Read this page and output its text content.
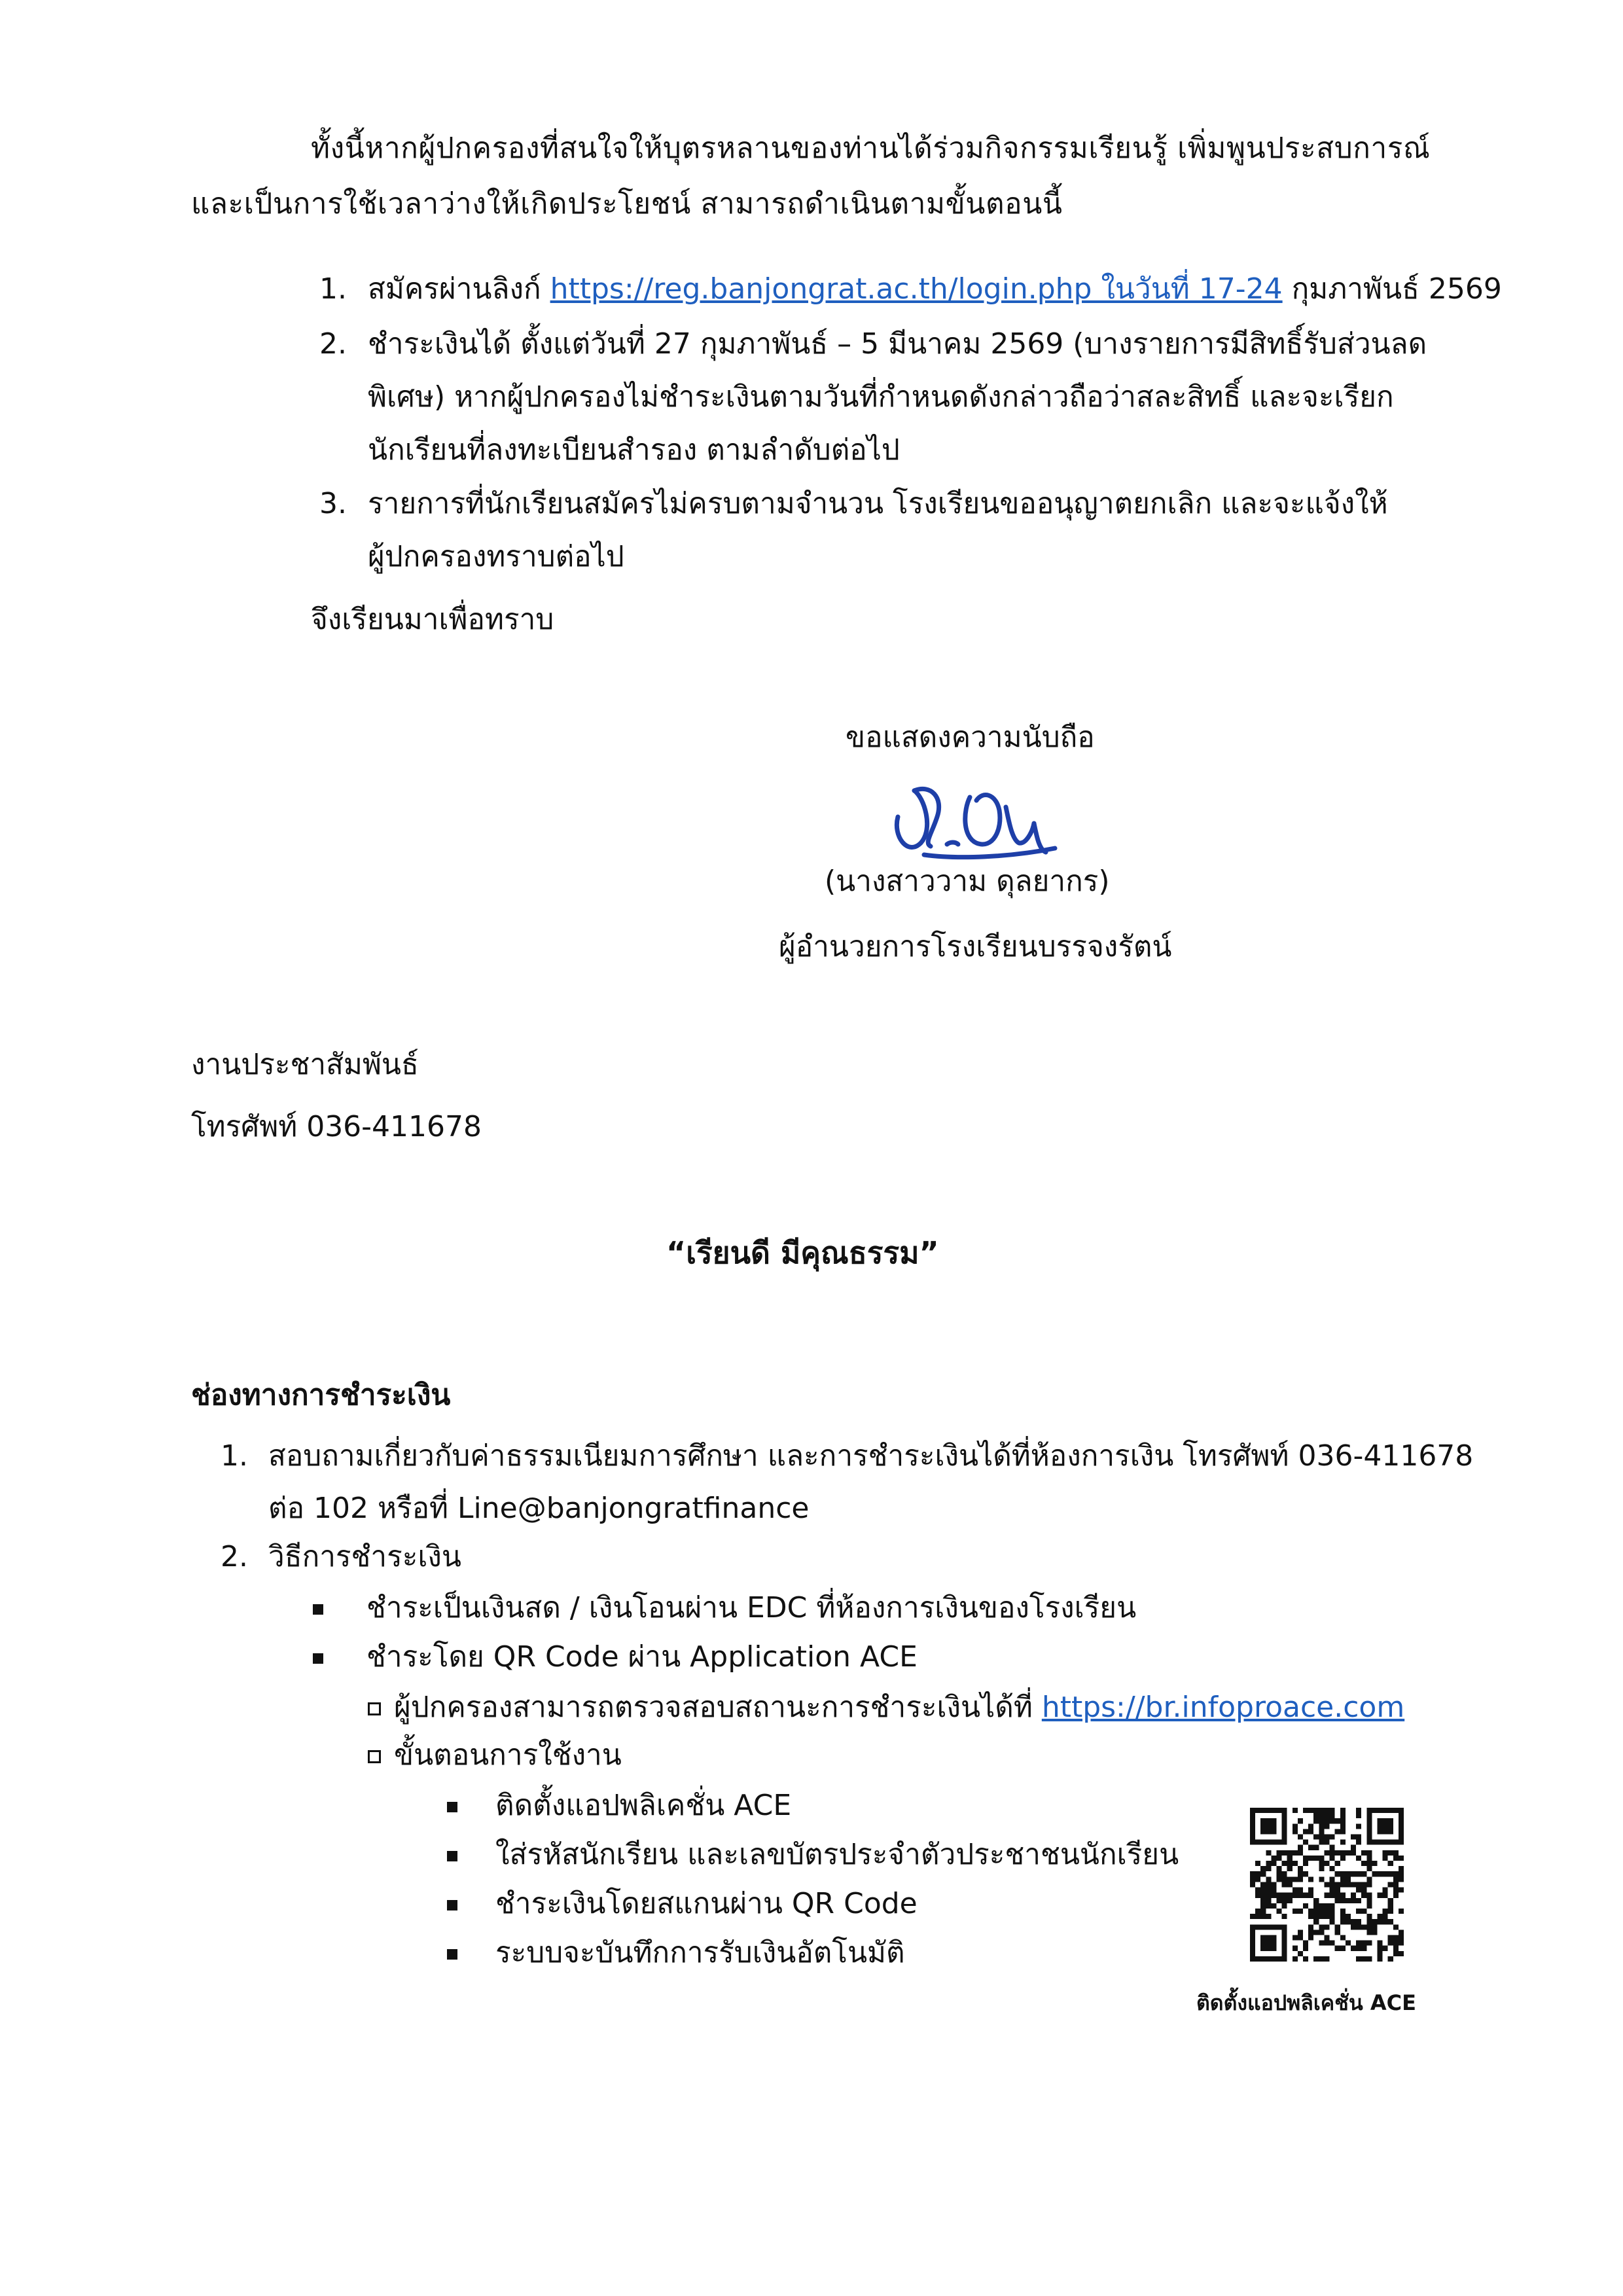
ทั้งนี้หากผู้ปกครองที่สนใจให้บุตรหลานของท่านได้ร่วมกิจกรรมเรียนรู้ เพิ่มพูนประสบการณ์
และเป็นการใช้เวลาว่างให้เกิดประโยชน์ สามารถดำเนินตามขั้นตอนนี้
1. สมัครผ่านลิงก์ https://reg.banjongrat.ac.th/login.php ในวันที่ 17-24 กุมภาพันธ์ 2569
2. ชำระเงินได้ ตั้งแต่วันที่ 27 กุมภาพันธ์ – 5 มีนาคม 2569 (บางรายการมีสิทธิ์รับส่วนลด
พิเศษ) หากผู้ปกครองไม่ชำระเงินตามวันที่กำหนดดังกล่าวถือว่าสละสิทธิ์ และจะเรียก
นักเรียนที่ลงทะเบียนสำรอง ตามลำดับต่อไป
3. รายการที่นักเรียนสมัครไม่ครบตามจำนวน โรงเรียนขออนุญาตยกเลิก และจะแจ้งให้
ผู้ปกครองทราบต่อไป
จึงเรียนมาเพื่อทราบ
ขอแสดงความนับถือ
(นางสาววาม ดุลยากร)
ผู้อำนวยการโรงเรียนบรรจงรัตน์
งานประชาสัมพันธ์
โทรศัพท์ 036-411678
“เรียนดี มีคุณธรรม”
ช่องทางการชำระเงิน
1. สอบถามเกี่ยวกับค่าธรรมเนียมการศึกษา และการชำระเงินได้ที่ห้องการเงิน โทรศัพท์ 036-411678
ต่อ 102 หรือที่ Line@banjongratfinance
2. วิธีการชำระเงิน
ชำระเป็นเงินสด / เงินโอนผ่าน EDC ที่ห้องการเงินของโรงเรียน
ชำระโดย QR Code ผ่าน Application ACE
ผู้ปกครองสามารถตรวจสอบสถานะการชำระเงินได้ที่ https://br.infoproace.com
ขั้นตอนการใช้งาน
ติดตั้งแอปพลิเคชั่น ACE
ใส่รหัสนักเรียน และเลขบัตรประจำตัวประชาชนนักเรียน
ชำระเงินโดยสแกนผ่าน QR Code
ระบบจะบันทึกการรับเงินอัตโนมัติ
ติดตั้งแอปพลิเคชั่น ACE
